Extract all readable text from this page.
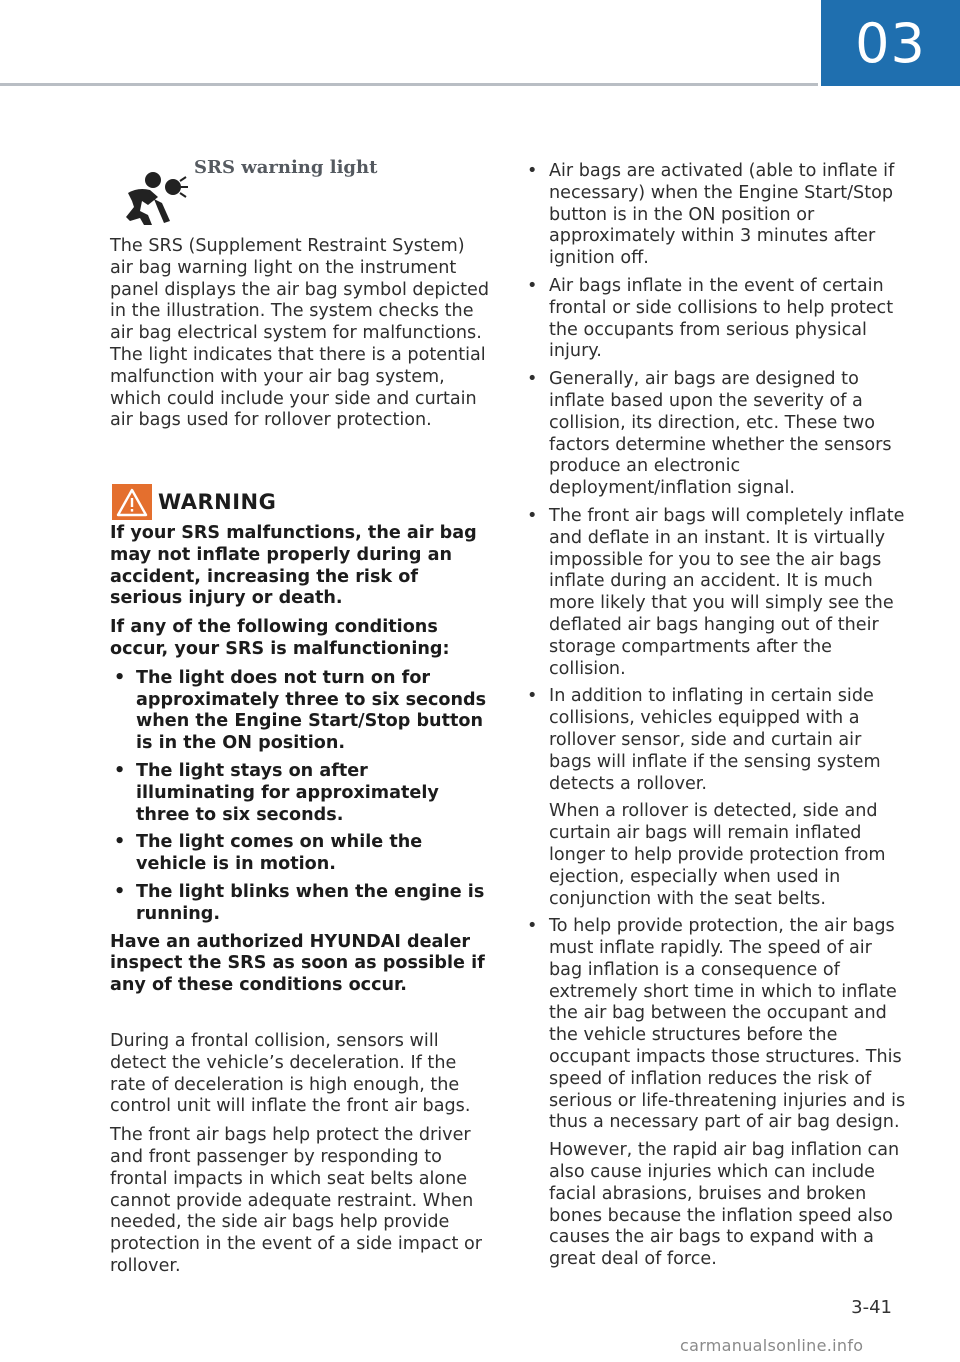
03
SRS warning light

The SRS (Supplement Restraint System) air bag warning light on the instrument panel displays the air bag symbol depicted in the illustration. The system checks the air bag electrical system for malfunctions. The light indicates that there is a potential malfunction with your air bag system, which could include your side and curtain air bags used for rollover protection.

WARNING

If your SRS malfunctions, the air bag may not inflate properly during an accident, increasing the risk of serious injury or death.

If any of the following conditions occur, your SRS is malfunctioning:

• The light does not turn on for approximately three to six seconds when the Engine Start/Stop button is in the ON position.
• The light stays on after illuminating for approximately three to six seconds.
• The light comes on while the vehicle is in motion.
• The light blinks when the engine is running.

Have an authorized HYUNDAI dealer inspect the SRS as soon as possible if any of these conditions occur.

During a frontal collision, sensors will detect the vehicle’s deceleration. If the rate of deceleration is high enough, the control unit will inflate the front air bags.

The front air bags help protect the driver and front passenger by responding to frontal impacts in which seat belts alone cannot provide adequate restraint. When needed, the side air bags help provide protection in the event of a side impact or rollover.

• Air bags are activated (able to inflate if necessary) when the Engine Start/Stop button is in the ON position or approximately within 3 minutes after ignition off.

• Air bags inflate in the event of certain frontal or side collisions to help protect the occupants from serious physical injury.

• Generally, air bags are designed to inflate based upon the severity of a collision, its direction, etc. These two factors determine whether the sensors produce an electronic deployment/inflation signal.

• The front air bags will completely inflate and deflate in an instant. It is virtually impossible for you to see the air bags inflate during an accident. It is much more likely that you will simply see the deflated air bags hanging out of their storage compartments after the collision.

• In addition to inflating in certain side collisions, vehicles equipped with a rollover sensor, side and curtain air bags will inflate if the sensing system detects a rollover.

When a rollover is detected, side and curtain air bags will remain inflated longer to help provide protection from ejection, especially when used in conjunction with the seat belts.

• To help provide protection, the air bags must inflate rapidly. The speed of air bag inflation is a consequence of extremely short time in which to inflate the air bag between the occupant and the vehicle structures before the occupant impacts those structures. This speed of inflation reduces the risk of serious or life-threatening injuries and is thus a necessary part of air bag design.

However, the rapid air bag inflation can also cause injuries which can include facial abrasions, bruises and broken bones because the inflation speed also causes the air bags to expand with a great deal of force.

3-41
carmanualsonline.info
